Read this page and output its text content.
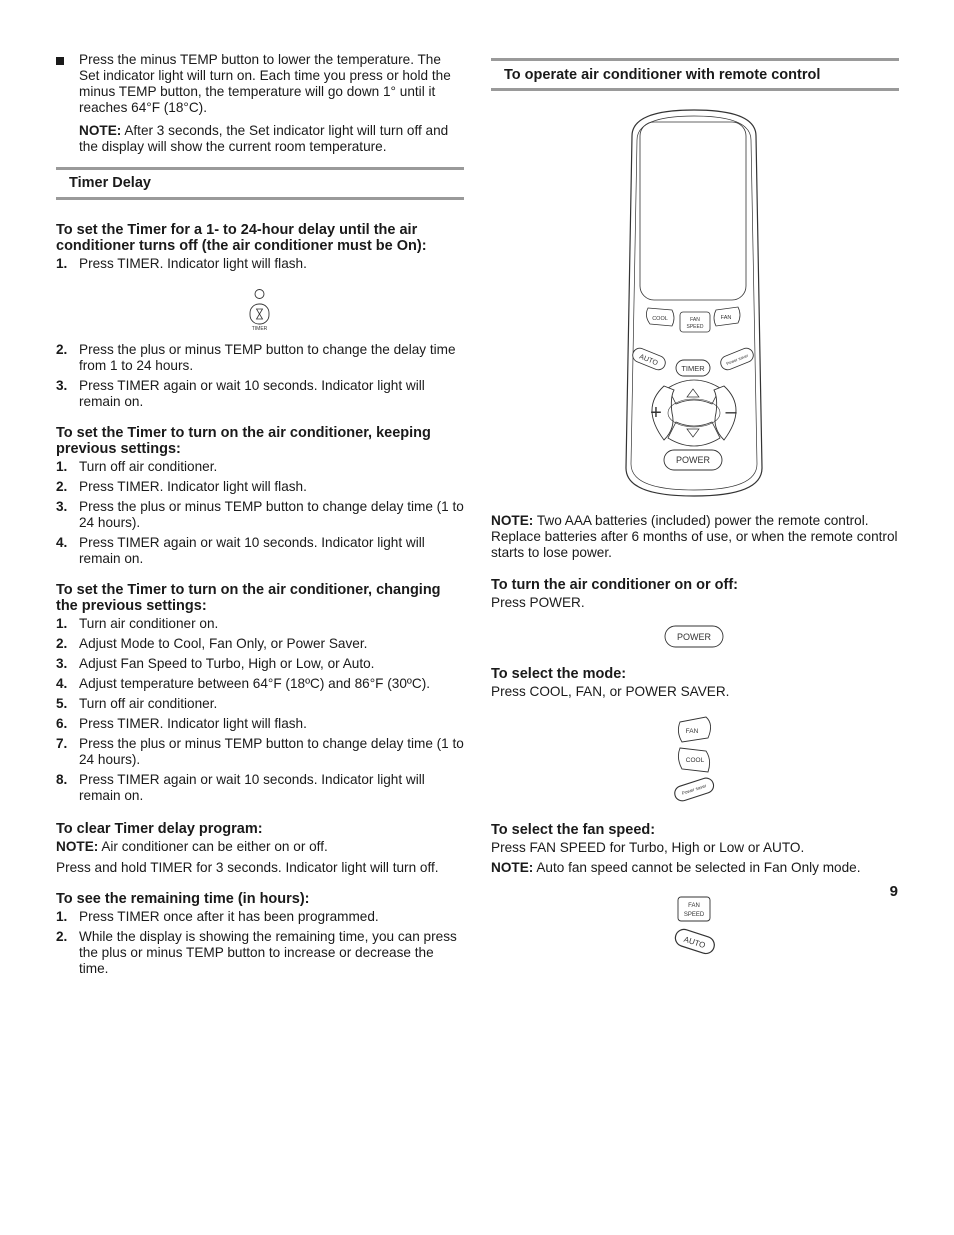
Press the minus TEMP button to lower the temperature. The Set indicator light will turn on. Each time you press or hold the minus TEMP button, the temperature will go down 1° until it reaches 64°F (18°C).

NOTE: After 3 seconds, the Set indicator light will turn off and the display will show the current room temperature.

Timer Delay
To set the Timer for a 1- to 24-hour delay until the air conditioner turns off (the air conditioner must be On):
1. Press TIMER. Indicator light will flash.
TIMER
2. Press the plus or minus TEMP button to change the delay time from 1 to 24 hours.
3. Press TIMER again or wait 10 seconds. Indicator light will remain on.
To set the Timer to turn on the air conditioner, keeping previous settings:
1. Turn off air conditioner.
2. Press TIMER. Indicator light will flash.
3. Press the plus or minus TEMP button to change delay time (1 to 24 hours).
4. Press TIMER again or wait 10 seconds. Indicator light will remain on.
To set the Timer to turn on the air conditioner, changing the previous settings:
1. Turn air conditioner on.
2. Adjust Mode to Cool, Fan Only, or Power Saver.
3. Adjust Fan Speed to Turbo, High or Low, or Auto.
4. Adjust temperature between 64°F (18ºC) and 86°F (30ºC).
5. Turn off air conditioner.
6. Press TIMER. Indicator light will flash.
7. Press the plus or minus TEMP button to change delay time (1 to 24 hours).
8. Press TIMER again or wait 10 seconds. Indicator light will remain on.
To clear Timer delay program:

NOTE: Air conditioner can be either on or off.

Press and hold TIMER for 3 seconds. Indicator light will turn off.

To see the remaining time (in hours):
1. Press TIMER once after it has been programmed.
2. While the display is showing the remaining time, you can press the plus or minus TEMP button to increase or decrease the time.
To operate air conditioner with remote control
COOL	FAN
SPEED
FAN
AUTO
TIMER
Power saver
+	–
POWER

NOTE: Two AAA batteries (included) power the remote control. Replace batteries after 6 months of use, or when the remote control starts to lose power.

To turn the air conditioner on or off:

Press POWER.

POWER
To select the mode:

Press COOL, FAN, or POWER SAVER.

FAN
COOL
Power saver
To select the fan speed:

Press FAN SPEED for Turbo, High or Low or AUTO.

NOTE: Auto fan speed cannot be selected in Fan Only mode.

FAN
SPEED
AUTO
9
